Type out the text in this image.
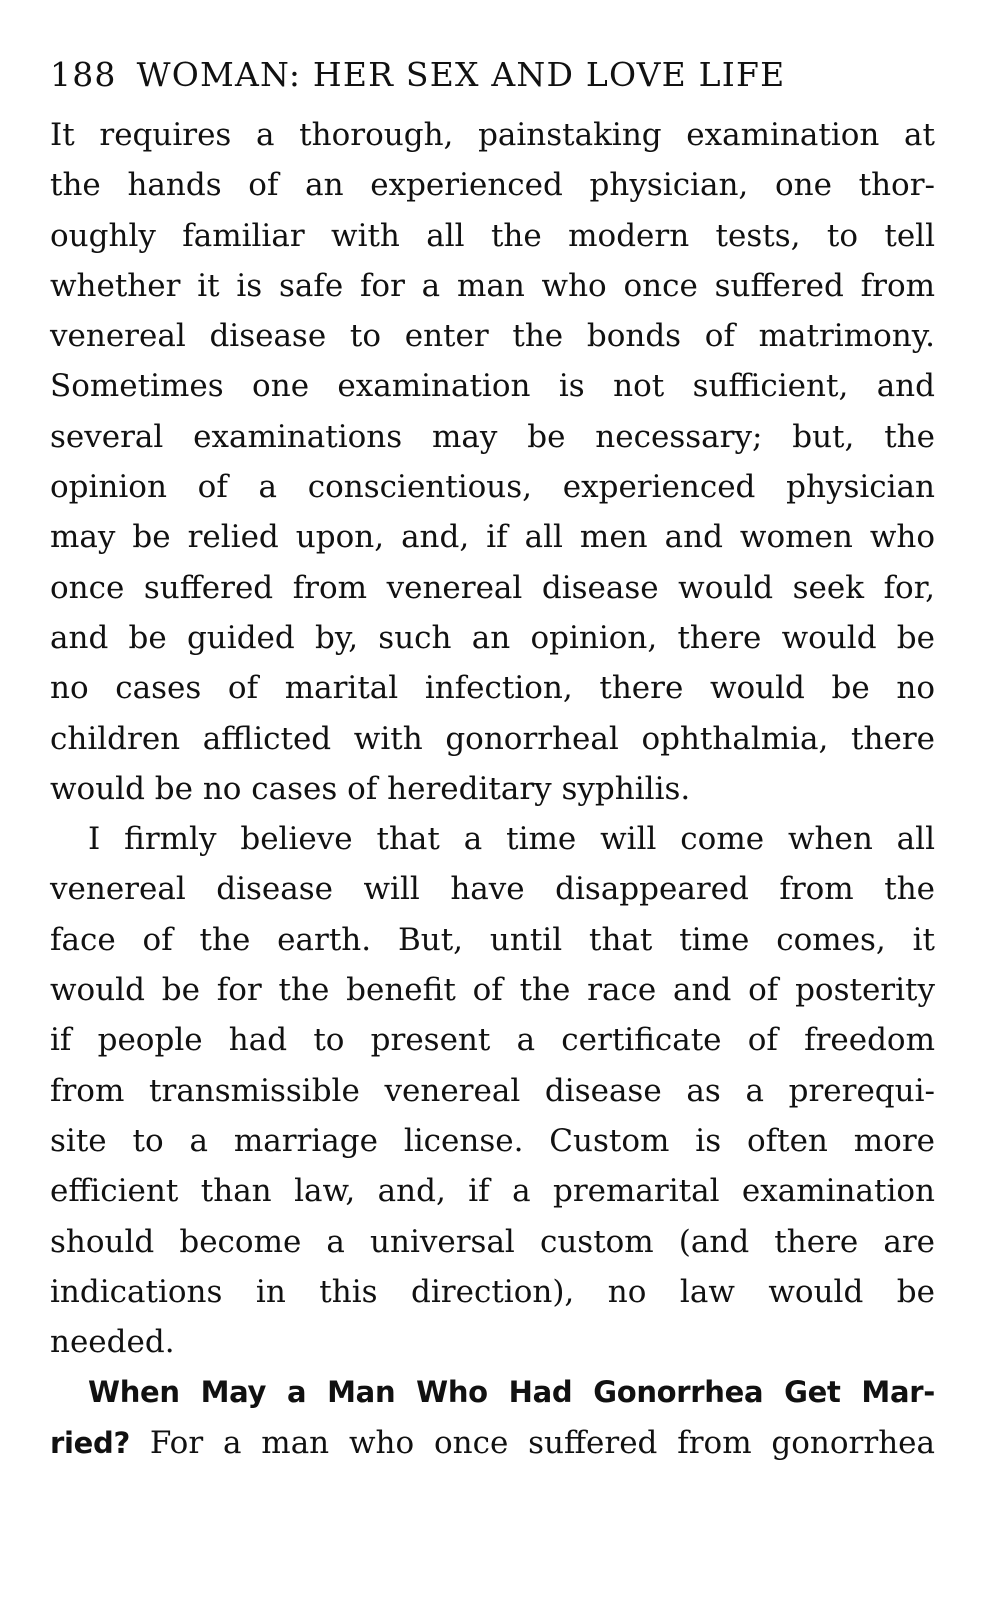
188 WOMAN: HER SEX AND LOVE LIFE
It requires a thorough, painstaking examination at
the hands of an experienced physician, one thor-
oughly familiar with all the modern tests, to tell
whether it is safe for a man who once suffered from
venereal disease to enter the bonds of matrimony.
Sometimes one examination is not sufficient, and
several examinations may be necessary; but, the
opinion of a conscientious, experienced physician
may be relied upon, and, if all men and women who
once suffered from venereal disease would seek for,
and be guided by, such an opinion, there would be
no cases of marital infection, there would be no
children afflicted with gonorrheal ophthalmia, there
would be no cases of hereditary syphilis.
I firmly believe that a time will come when all
venereal disease will have disappeared from the
face of the earth. But, until that time comes, it
would be for the benefit of the race and of posterity
if people had to present a certificate of freedom
from transmissible venereal disease as a prerequi-
site to a marriage license. Custom is often more
efficient than law, and, if a premarital examination
should become a universal custom (and there are
indications in this direction), no law would be
needed.
When May a Man Who Had Gonorrhea Get Mar-
ried? For a man who once suffered from gonorrhea
